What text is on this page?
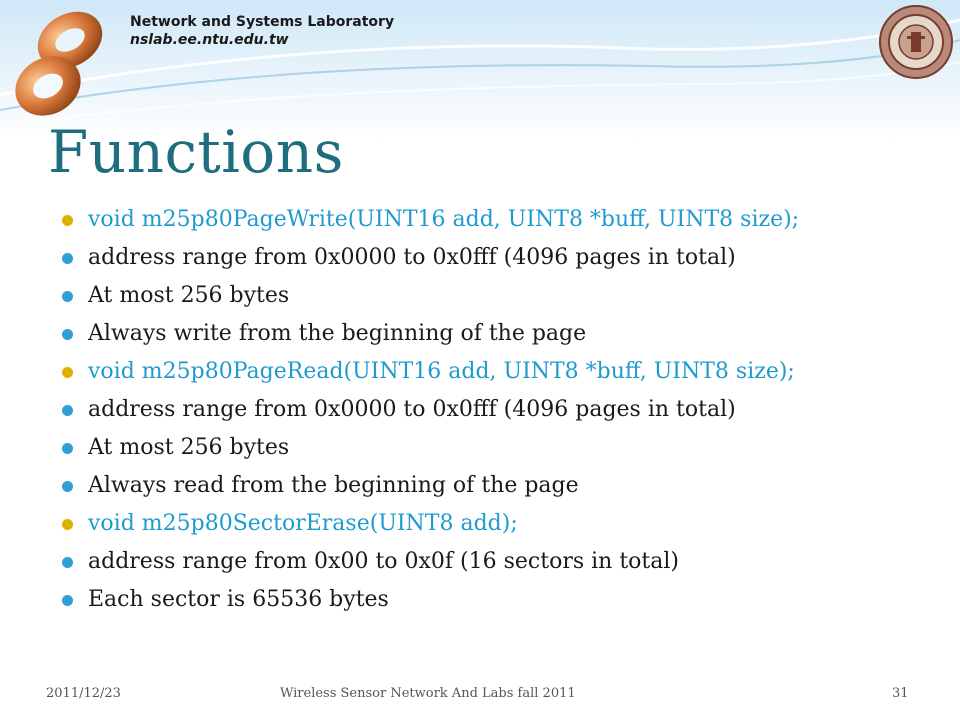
Network and Systems Laboratory
nslab.ee.ntu.edu.tw
Functions
void m25p80PageWrite(UINT16 add, UINT8 *buff, UINT8 size);
address range from 0x0000 to 0x0fff (4096 pages in total)
At most 256 bytes
Always write from the beginning of the page
void m25p80PageRead(UINT16 add, UINT8 *buff, UINT8 size);
address range from 0x0000 to 0x0fff (4096 pages in total)
At most 256 bytes
Always read from the beginning of the page
void m25p80SectorErase(UINT8 add);
address range from 0x00 to 0x0f (16 sectors in total)
Each sector is 65536 bytes
2011/12/23	Wireless Sensor Network And Labs fall 2011	31
